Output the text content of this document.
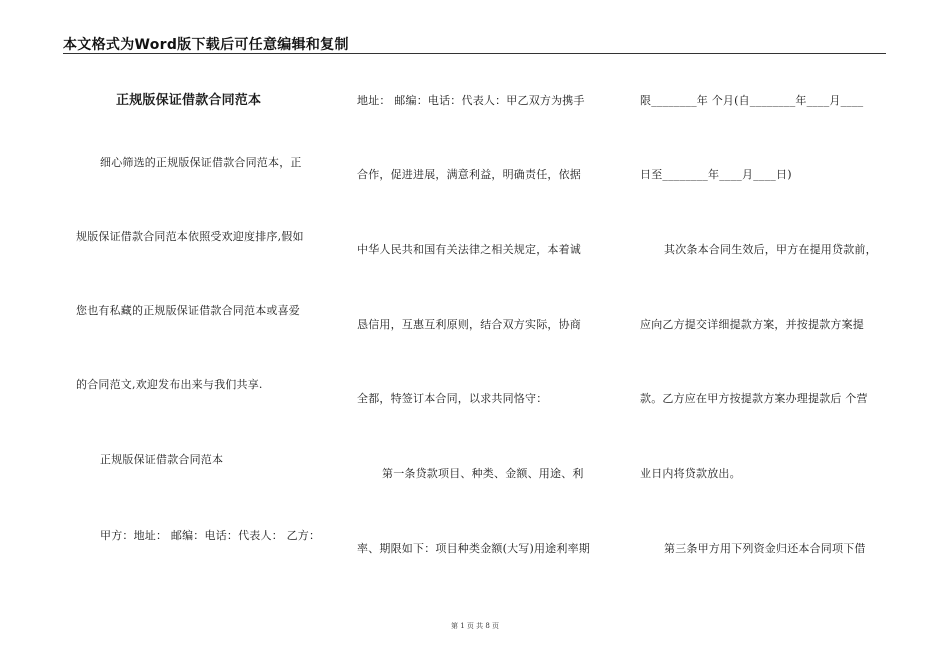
本文格式为Word版下载后可任意编辑和复制
正规版保证借款合同范本
细心筛选的正规版保证借款合同范本，正
规版保证借款合同范本依照受欢迎度排序,假如
您也有私藏的正规版保证借款合同范本或喜爱
的合同范文,欢迎发布出来与我们共享.
正规版保证借款合同范本
甲方：地址： 邮编：电话：代表人： 乙方：
地址： 邮编：电话：代表人：甲乙双方为携手
合作，促进进展，满意利益，明确责任，依据
中华人民共和国有关法律之相关规定，本着诚
恳信用，互惠互利原则，结合双方实际，协商
全都，特签订本合同，以求共同恪守：
第一条贷款项目、种类、金额、用途、利
率、期限如下：项目种类金额(大写)用途利率期
限________年 个月(自________年____月____
日至________年____月____日)
其次条本合同生效后，甲方在提用贷款前，
应向乙方提交详细提款方案，并按提款方案提
款。乙方应在甲方按提款方案办理提款后 个营
业日内将贷款放出。
第三条甲方用下列资金归还本合同项下借
第 1 页 共 8 页
